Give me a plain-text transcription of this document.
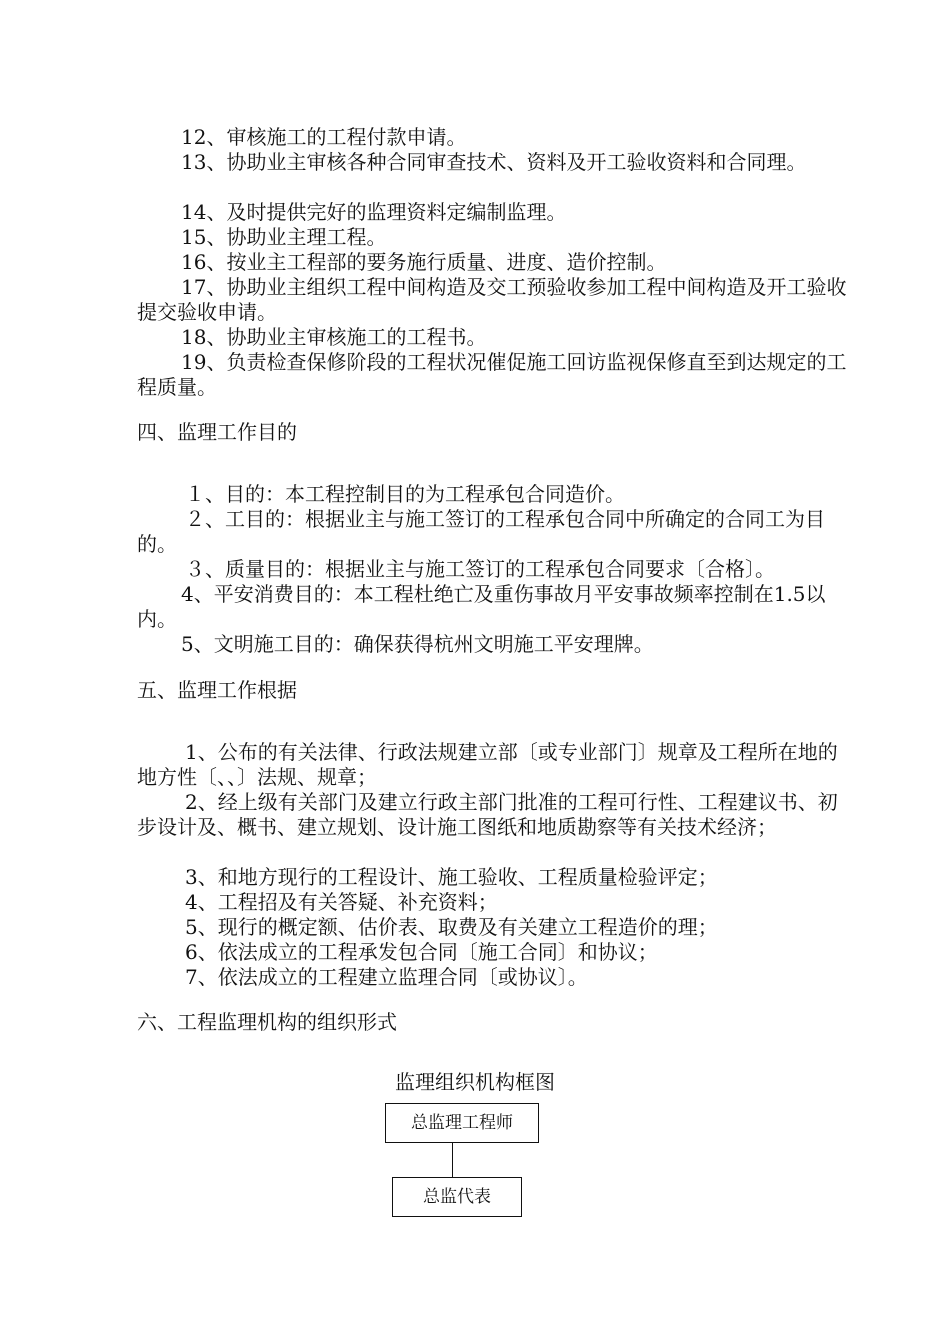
12、审核施工的工程付款申请。

13、协助业主审核各种合同审查技术、资料及开工验收资料和合同理。

14、及时提供完好的监理资料定编制监理。

15、协助业主理工程。

16、按业主工程部的要务施行质量、进度、造价控制。

17、协助业主组织工程中间构造及交工预验收参加工程中间构造及开工验收提交验收申请。

18、协助业主审核施工的工程书。

19、负责检查保修阶段的工程状况催促施工回访监视保修直至到达规定的工程质量。

四、监理工作目的

１、目的：本工程控制目的为工程承包合同造价。

２、工目的：根据业主与施工签订的工程承包合同中所确定的合同工为目的。

３、质量目的：根据业主与施工签订的工程承包合同要求〔合格〕。

4、平安消费目的：本工程杜绝亡及重伤事故月平安事故频率控制在1.5以内。

5、文明施工目的：确保获得杭州文明施工平安理牌。

五、监理工作根据

1、公布的有关法律、行政法规建立部〔或专业部门〕规章及工程所在地的地方性〔、、〕法规、规章；

2、经上级有关部门及建立行政主部门批准的工程可行性、工程建议书、初步设计及、概书、建立规划、设计施工图纸和地质勘察等有关技术经济；

3、和地方现行的工程设计、施工验收、工程质量检验评定；

4、工程招及有关答疑、补充资料；

5、现行的概定额、估价表、取费及有关建立工程造价的理；

6、依法成立的工程承发包合同〔施工合同〕和协议；

7、依法成立的工程建立监理合同〔或协议〕。

六、工程监理机构的组织形式

监理组织机构框图
总监理工程师
总监代表
